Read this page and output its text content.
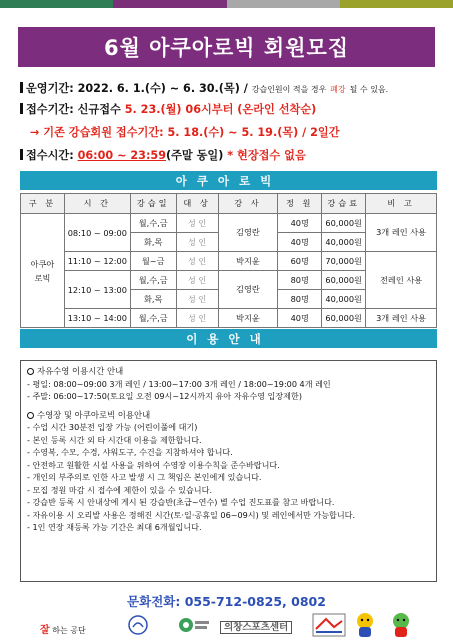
6월 아쿠아로빅 회원모집
운영기간: 2022. 6. 1.(수) ~ 6. 30.(목) / 강습인원이 적을 경우 폐강 될 수 있음.
접수기간: 신규접수 5. 23.(월) 06시부터 (온라인 선착순)
→ 기존 강습회원 접수기간: 5. 18.(수) ~ 5. 19.(목) / 2일간
접수시간: 06:00 ~ 23:59(주말 동일) * 현장접수 없음
아쿠아로빅
구 분	시 간	강습일	대 상	강 사	정 원	강습료	비 고
아쿠아로빅	08:10 ~ 09:00	월,수,금	성 인	김영란	40명	60,000원	3개 레인 사용
		화,목	성 인		40명	40,000원	
	11:10 ~ 12:00	월~금	성 인	박지윤	60명	70,000원	전레인 사용
	12:10 ~ 13:00	월,수,금	성 인	김영란	80명	60,000원	
		화,목	성 인		80명	40,000원	
	13:10 ~ 14:00	월,수,금	성 인	박지윤	40명	60,000원	3개 레인 사용
이용안내
자유수영 이용시간 안내
- 평일: 08:00~09:00 3개 레인 / 13:00~17:00 3개 레인 / 18:00~19:00 4개 레인
- 주말: 06:00~17:50(토요일 오전 09시~12시까지 유아 자유수영 입장제한)
수영장 및 아쿠아로빅 이용안내
- 수업 시간 30분전 입장 가능 (어린이풀에 대기)
- 본인 등록 시간 외 타 시간대 이용을 제한합니다.
- 수영복, 수모, 수경, 샤워도구, 수건을 지참하셔야 합니다.
- 안전하고 원활한 시설 사용을 위하여 수영장 이용수칙을 준수바랍니다.
- 개인의 부주의로 인한 사고 발생 시 그 책임은 본인에게 있습니다.
- 모집 정원 마감 시 접수에 제한이 있을 수 있습니다.
- 강습반 등록 시 안내상에 게시 된 강습반(초급~연수) 별 수업 진도표를 참고 바랍니다.
- 자유이용 시 오리발 사용은 정해진 시간(토·일·공휴일 06~09시) 및 레인에서만 가능합니다.
- 1인 연장 재등록 가능 기간은 최대 6개월입니다.
문화전화: 055-712-0825, 0802
잘 하는 공단	의창스포츠센터
